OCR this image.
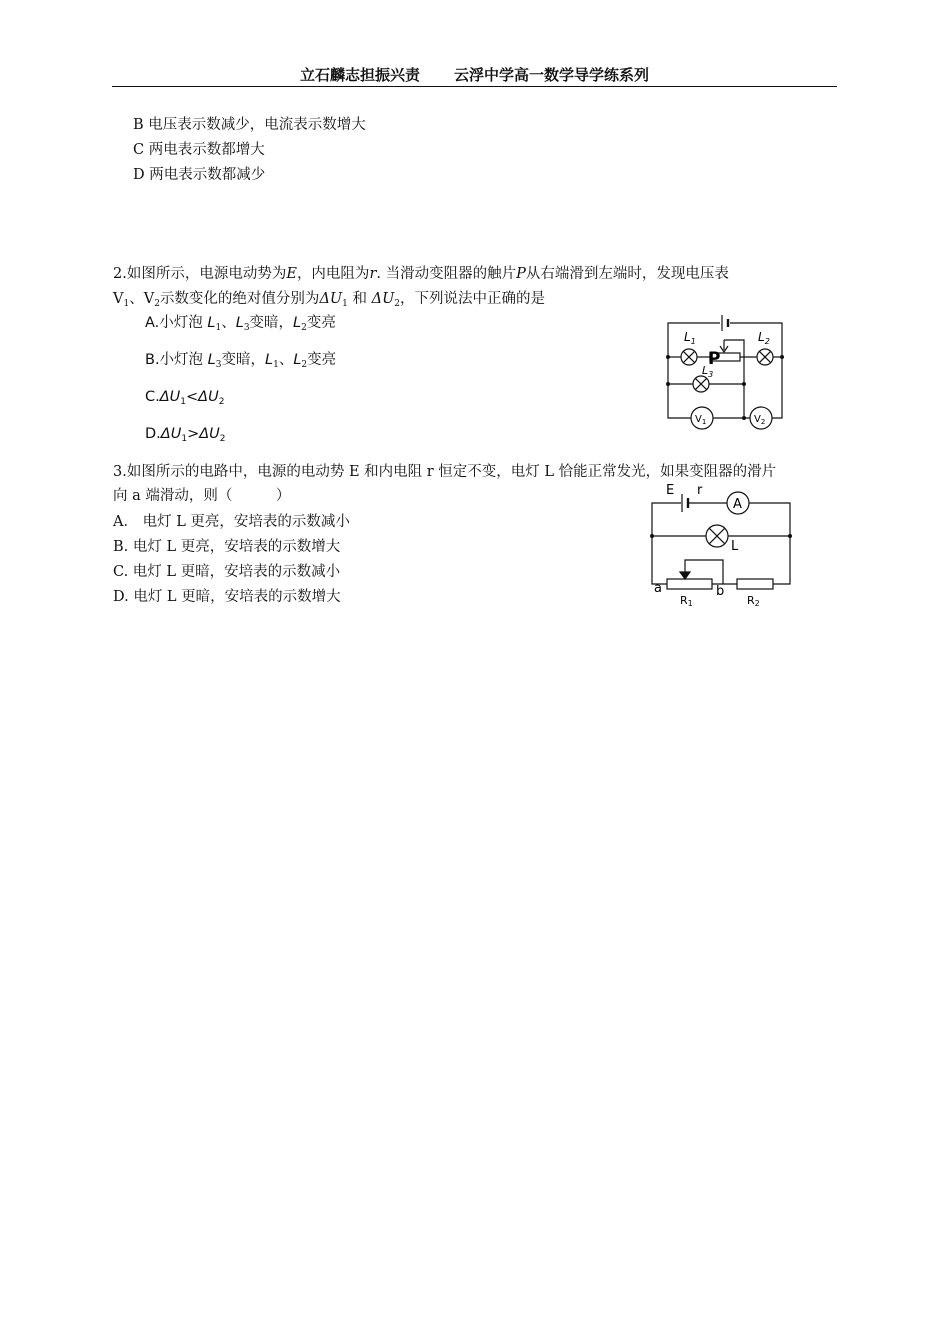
立石麟志担振兴责 云浮中学高一数学导学练系列
B 电压表示数减少，电流表示数增大
C 两电表示数都增大
D 两电表示数都减少
2.如图所示，电源电动势为E，内电阻为r. 当滑动变阻器的触片P从右端滑到左端时，发现电压表
$V_1$、$V_2$示数变化的绝对值分别为$\Delta U_1$ 和 $\Delta U_2$，下列说法中正确的是
A.小灯泡 $L_1$、$L_3$变暗，$L_2$变亮
B.小灯泡 $L_3$变暗，$L_1$、$L_2$变亮
$C.\Delta U_1<\Delta U_2$
$D.\Delta U_1>\Delta U_2$
$L_1$	$L_2$
$L_3$
P
$V_1$	$V_2$
3.如图所示的电路中，电源的电动势 E 和内电阻 r 恒定不变，电灯 L 恰能正常发光，如果变阻器的滑片
向 a 端滑动，则（　　　）
A． 电灯 L 更亮，安培表的示数减小
B. 电灯 L 更亮，安培表的示数增大
C. 电灯 L 更暗，安培表的示数减小
D. 电灯 L 更暗，安培表的示数增大
E r
A
L
a	b
R1	R2
